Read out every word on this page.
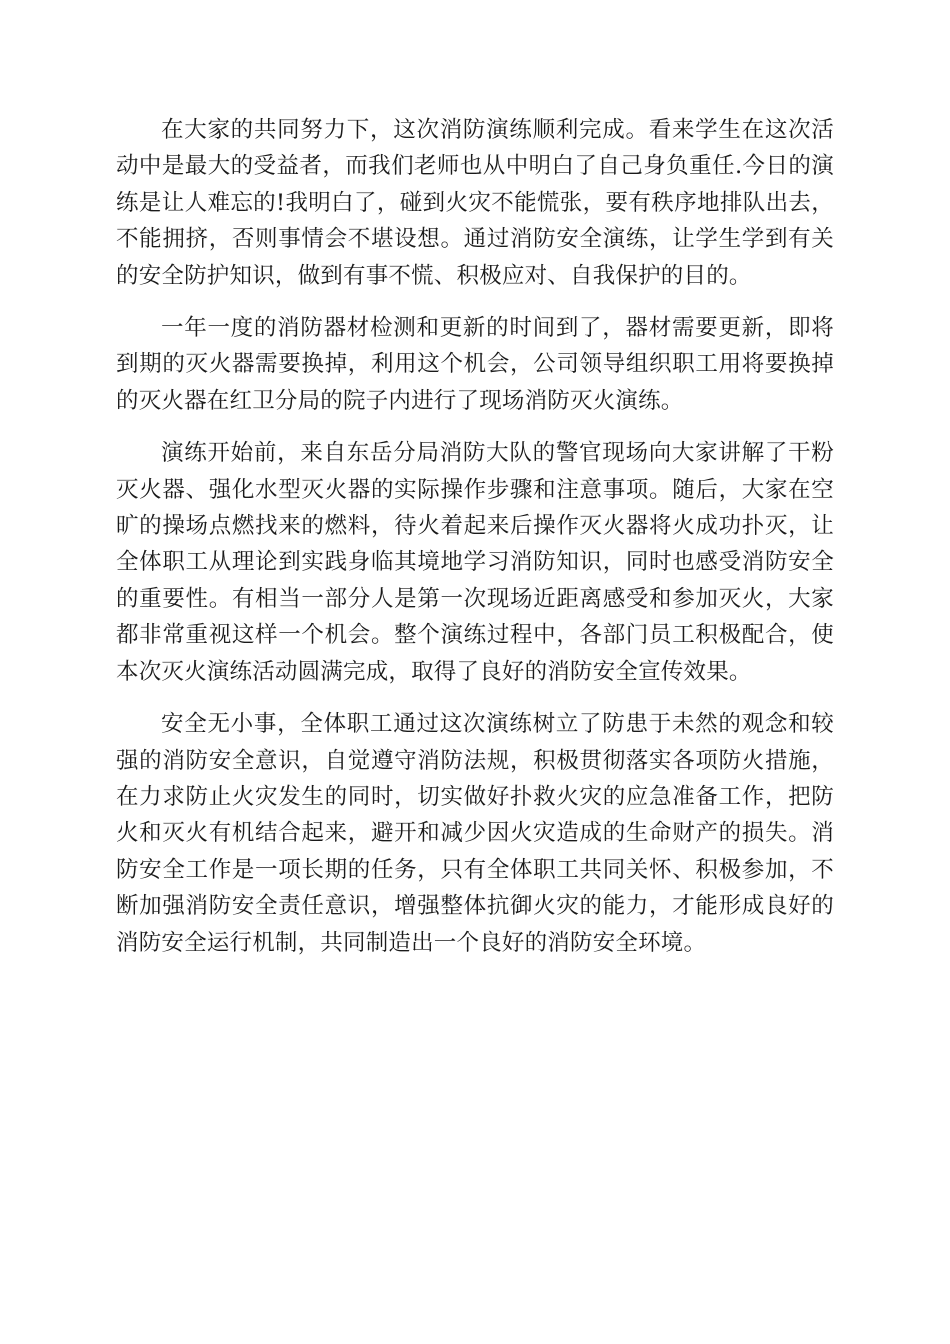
在大家的共同努力下，这次消防演练顺利完成。看来学生在这次活动中是最大的受益者，而我们老师也从中明白了自己身负重任.今日的演练是让人难忘的!我明白了，碰到火灾不能慌张，要有秩序地排队出去，不能拥挤，否则事情会不堪设想。通过消防安全演练，让学生学到有关的安全防护知识，做到有事不慌、积极应对、自我保护的目的。

一年一度的消防器材检测和更新的时间到了，器材需要更新，即将到期的灭火器需要换掉，利用这个机会，公司领导组织职工用将要换掉的灭火器在红卫分局的院子内进行了现场消防灭火演练。

演练开始前，来自东岳分局消防大队的警官现场向大家讲解了干粉灭火器、强化水型灭火器的实际操作步骤和注意事项。随后，大家在空旷的操场点燃找来的燃料，待火着起来后操作灭火器将火成功扑灭，让全体职工从理论到实践身临其境地学习消防知识，同时也感受消防安全的重要性。有相当一部分人是第一次现场近距离感受和参加灭火，大家都非常重视这样一个机会。整个演练过程中，各部门员工积极配合，使本次灭火演练活动圆满完成，取得了良好的消防安全宣传效果。

安全无小事，全体职工通过这次演练树立了防患于未然的观念和较强的消防安全意识，自觉遵守消防法规，积极贯彻落实各项防火措施，在力求防止火灾发生的同时，切实做好扑救火灾的应急准备工作，把防火和灭火有机结合起来，避开和减少因火灾造成的生命财产的损失。消防安全工作是一项长期的任务，只有全体职工共同关怀、积极参加，不断加强消防安全责任意识，增强整体抗御火灾的能力，才能形成良好的消防安全运行机制，共同制造出一个良好的消防安全环境。
